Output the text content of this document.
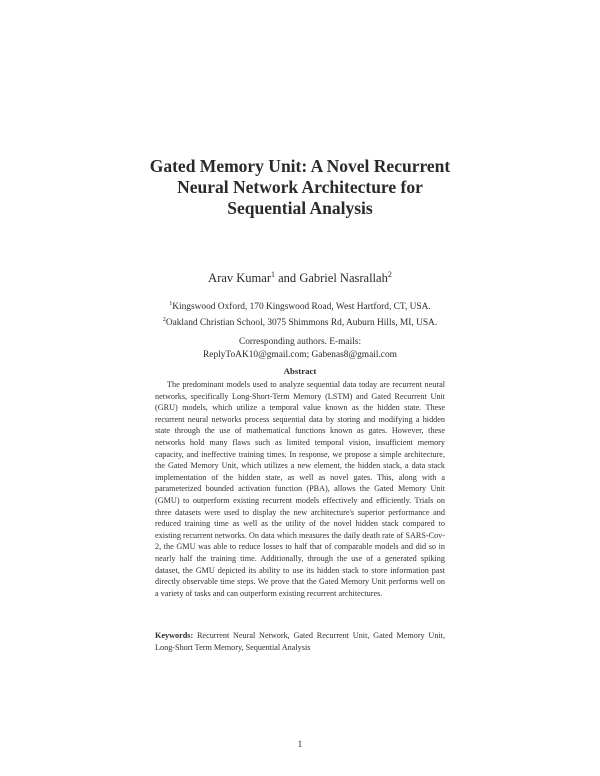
Gated Memory Unit: A Novel Recurrent
Neural Network Architecture for
Sequential Analysis
Arav Kumar$^1$ and Gabriel Nasrallah$^2$
$^1$Kingswood Oxford, 170 Kingswood Road, West Hartford, CT, USA.
$^2$Oakland Christian School, 3075 Shimmons Rd, Auburn Hills, MI, USA.
Corresponding authors. E-mails:
ReplyToAK10@gmail.com; Gabenas8@gmail.com
Abstract

The predominant models used to analyze sequential data today are recurrent neural networks, specifically Long-Short-Term Memory (LSTM) and Gated Recurrent Unit (GRU) models, which utilize a temporal value known as the hidden state. These recurrent neural networks process sequential data by storing and modifying a hidden state through the use of mathematical functions known as gates. However, these networks hold many flaws such as limited temporal vision, insufficient memory capacity, and ineffective training times. In response, we propose a simple architecture, the Gated Memory Unit, which utilizes a new element, the hidden stack, a data stack implementation of the hidden state, as well as novel gates. This, along with a parameterized bounded activation function (PBA), allows the Gated Memory Unit (GMU) to outperform existing recurrent models effectively and efficiently. Trials on three datasets were used to display the new architecture's superior performance and reduced training time as well as the utility of the novel hidden stack compared to existing recurrent networks. On data which measures the daily death rate of SARS-Cov-2, the GMU was able to reduce losses to half that of comparable models and did so in nearly half the training time. Additionally, through the use of a generated spiking dataset, the GMU depicted its ability to use its hidden stack to store information past directly observable time steps. We prove that the Gated Memory Unit performs well on a variety of tasks and can outperform existing recurrent architectures.

Keywords: Recurrent Neural Network, Gated Recurrent Unit, Gated Memory Unit, Long-Short Term Memory, Sequential Analysis

1
